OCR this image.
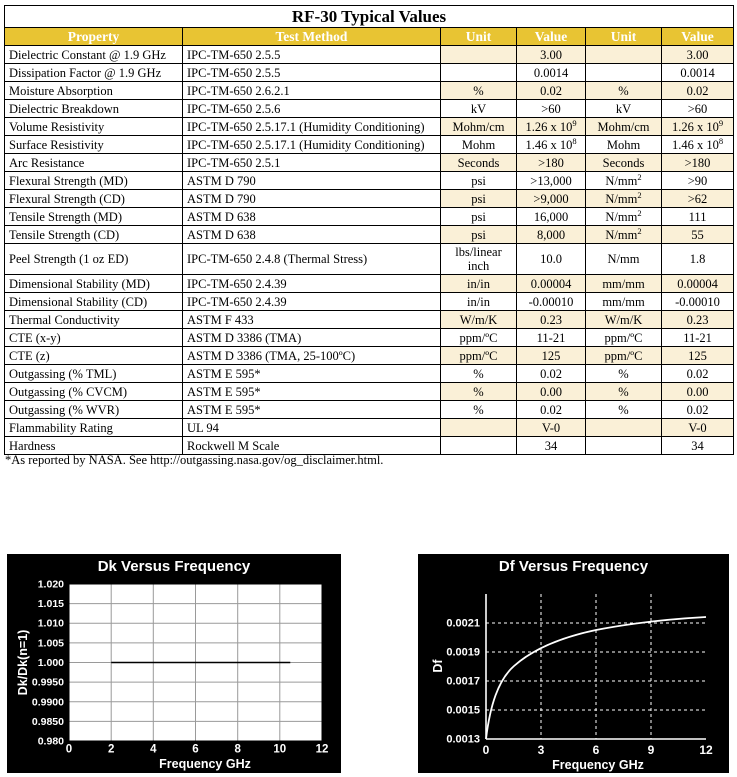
RF-30 Typical Values					
Property	Test Method	Unit	Value	Unit	Value
Dielectric Constant @ 1.9 GHz	IPC-TM-650 2.5.5		3.00		3.00
Dissipation Factor @ 1.9 GHz	IPC-TM-650 2.5.5		0.0014		0.0014
Moisture Absorption	IPC-TM-650 2.6.2.1	%	0.02	%	0.02
Dielectric Breakdown	IPC-TM-650 2.5.6	kV	>60	kV	>60
Volume Resistivity	IPC-TM-650 2.5.17.1 (Humidity Conditioning)	Mohm/cm	1.26 x $10^9$	Mohm/cm	1.26 x $10^9$
Surface Resistivity	IPC-TM-650 2.5.17.1 (Humidity Conditioning)	Mohm	1.46 x $10^8$	Mohm	1.46 x $10^8$
Arc Resistance	IPC-TM-650 2.5.1	Seconds	>180	Seconds	>180
Flexural Strength (MD)	ASTM D 790	psi	>13,000	$N/mm^2$	>90
Flexural Strength (CD)	ASTM D 790	psi	>9,000	$N/mm^2$	>62
Tensile Strength (MD)	ASTM D 638	psi	16,000	$N/mm^2$	111
Tensile Strength (CD)	ASTM D 638	psi	8,000	$N/mm^2$	55
Peel Strength (1 oz ED)	IPC-TM-650 2.4.8 (Thermal Stress)	lbs/linear inch	10.0	N/mm	1.8
Dimensional Stability (MD)	IPC-TM-650 2.4.39	in/in	0.00004	mm/mm	0.00004
Dimensional Stability (CD)	IPC-TM-650 2.4.39	in/in	-0.00010	mm/mm	-0.00010
Thermal Conductivity	ASTM F 433	W/m/K	0.23	W/m/K	0.23
CTE (x-y)	ASTM D 3386 (TMA)	ppm/ºC	11-21	ppm/ºC	11-21
CTE (z)	ASTM D 3386 (TMA, 25-100ºC)	ppm/ºC	125	ppm/ºC	125
Outgassing (% TML)	ASTM E 595*	%	0.02	%	0.02
Outgassing (% CVCM)	ASTM E 595*	%	0.00	%	0.00
Outgassing (% WVR)	ASTM E 595*	%	0.02	%	0.02
Flammability Rating	UL 94		V-0		V-0
Hardness	Rockwell M Scale		34		34
*As reported by NASA. See http://outgassing.nasa.gov/og_disclaimer.html.
Dk Versus Frequency
0.980
0.9850
0.9900
0.9950
1.000
1.005
1.010
1.015
1.020
0	2	4	6	8	10	12
Frequency GHz
Dk/Dk(n=1)
Df Versus Frequency
0.0013
0.0015
0.0017
0.0019
0.0021
0	3	6	9	12
Frequency GHz
Df
